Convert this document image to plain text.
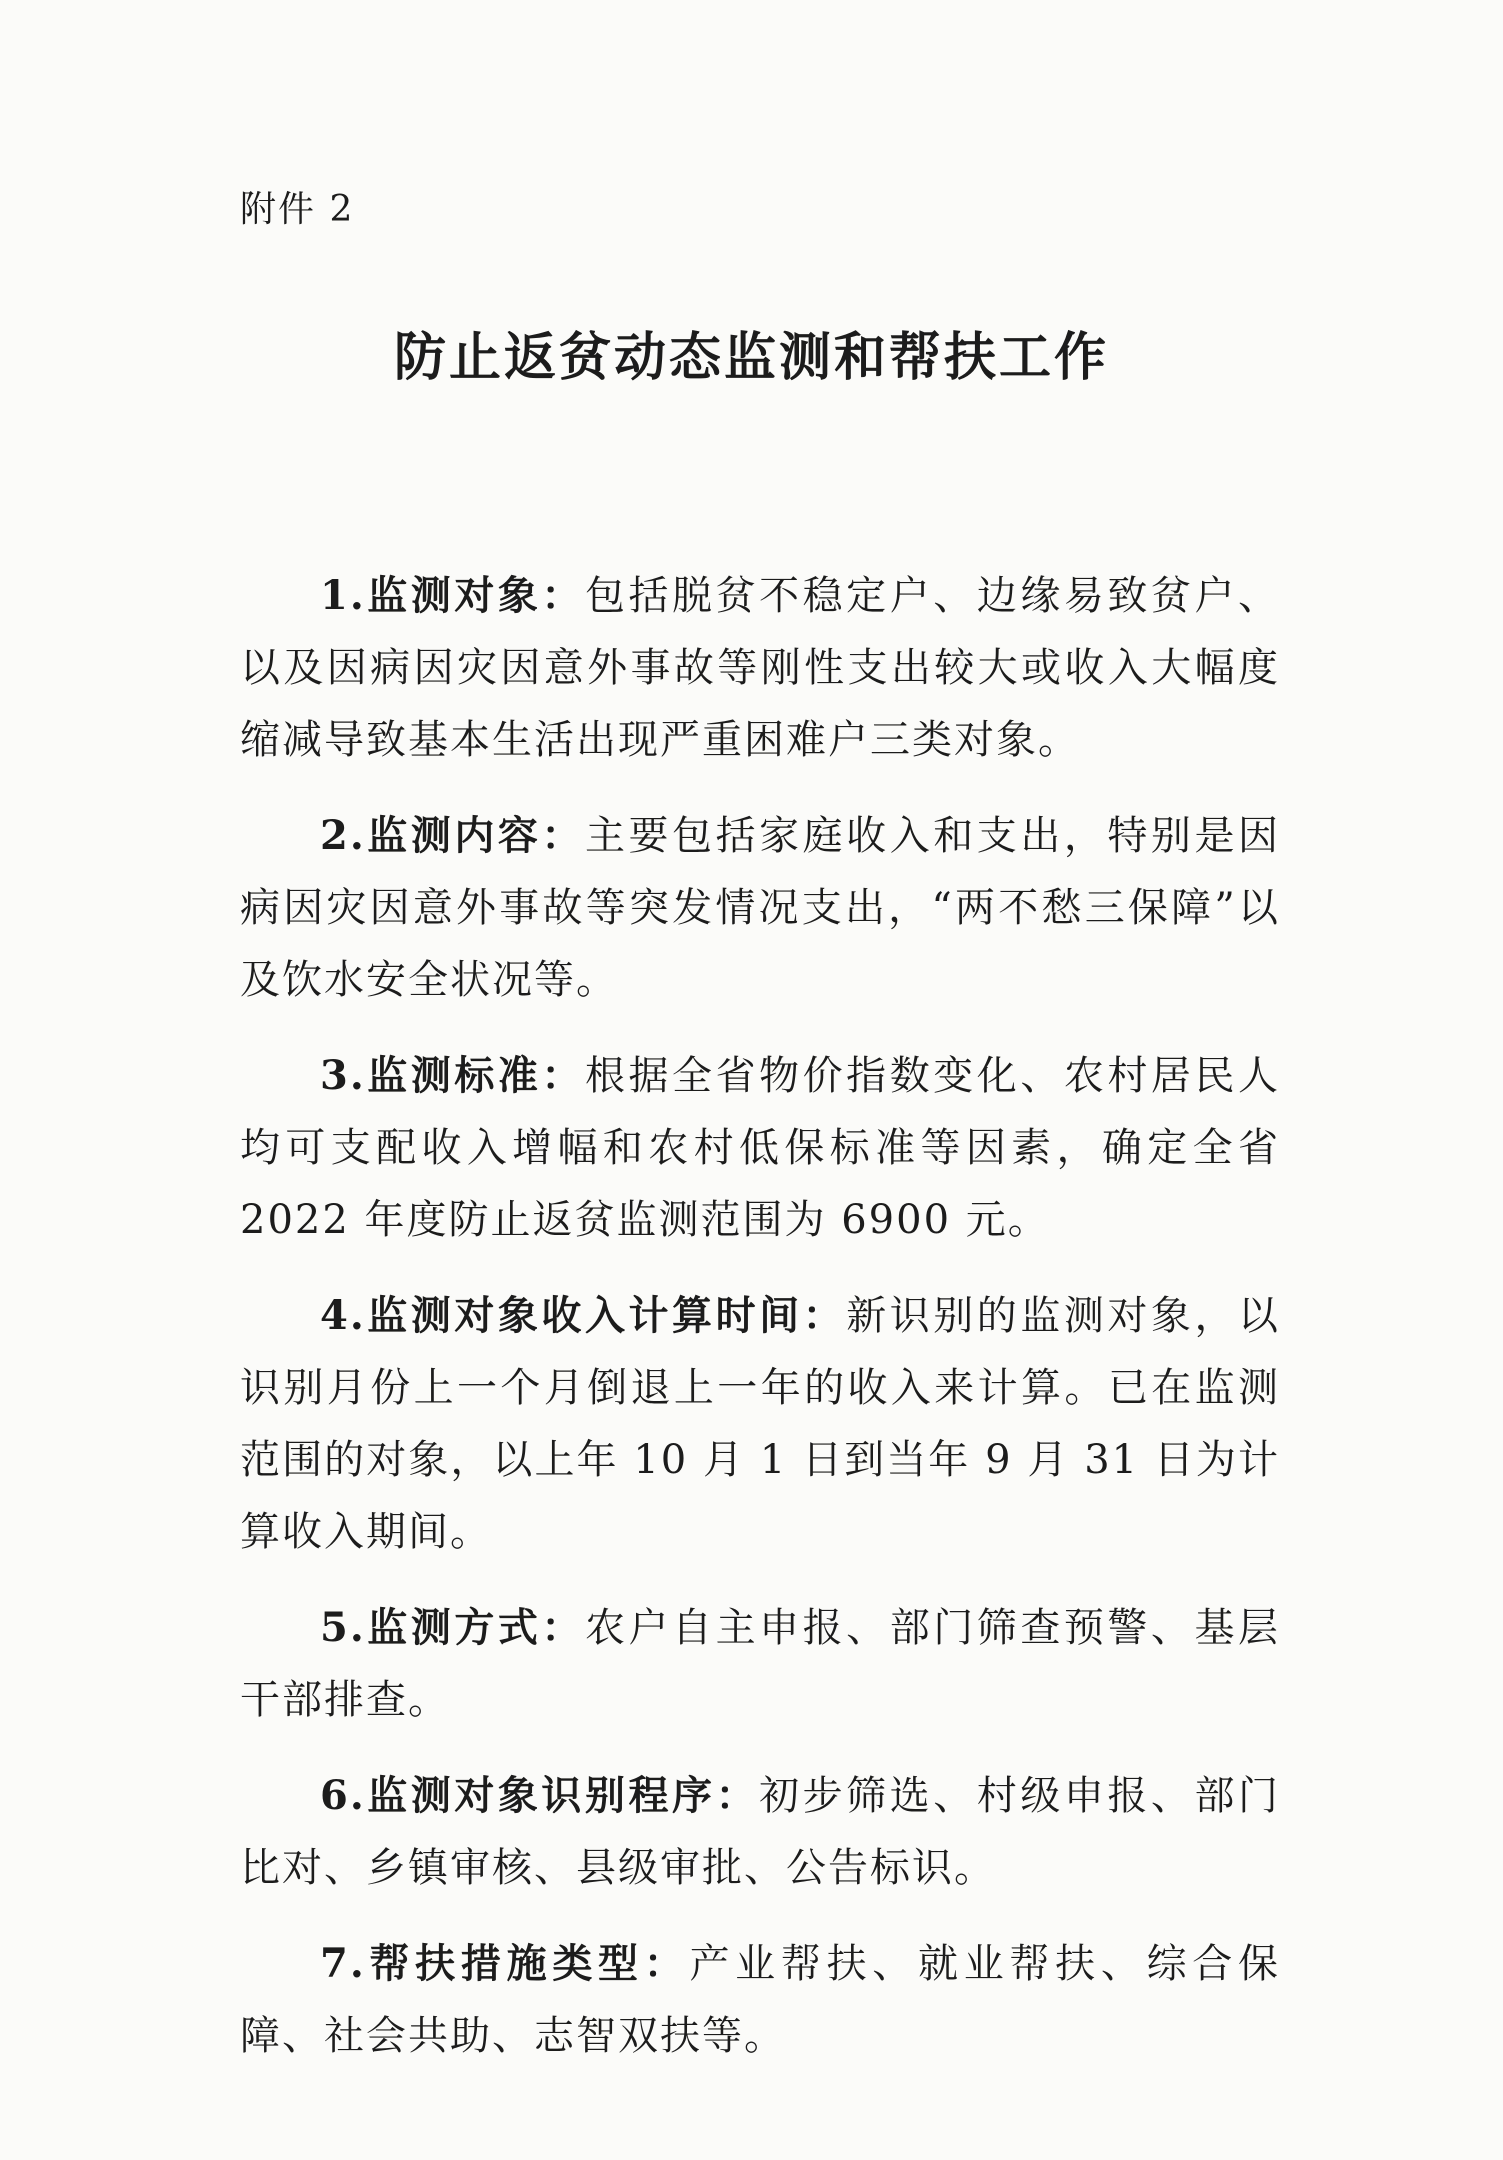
附件 2
防止返贫动态监测和帮扶工作

1.监测对象：包括脱贫不稳定户、边缘易致贫户、以及因病因灾因意外事故等刚性支出较大或收入大幅度缩减导致基本生活出现严重困难户三类对象。

2.监测内容：主要包括家庭收入和支出，特别是因病因灾因意外事故等突发情况支出，“两不愁三保障”以及饮水安全状况等。

3.监测标准：根据全省物价指数变化、农村居民人均可支配收入增幅和农村低保标准等因素，确定全省 2022 年度防止返贫监测范围为 6900 元。

4.监测对象收入计算时间：新识别的监测对象，以识别月份上一个月倒退上一年的收入来计算。已在监测范围的对象，以上年 10 月 1 日到当年 9 月 31 日为计算收入期间。

5.监测方式：农户自主申报、部门筛查预警、基层干部排查。

6.监测对象识别程序：初步筛选、村级申报、部门比对、乡镇审核、县级审批、公告标识。

7.帮扶措施类型：产业帮扶、就业帮扶、综合保障、社会共助、志智双扶等。
